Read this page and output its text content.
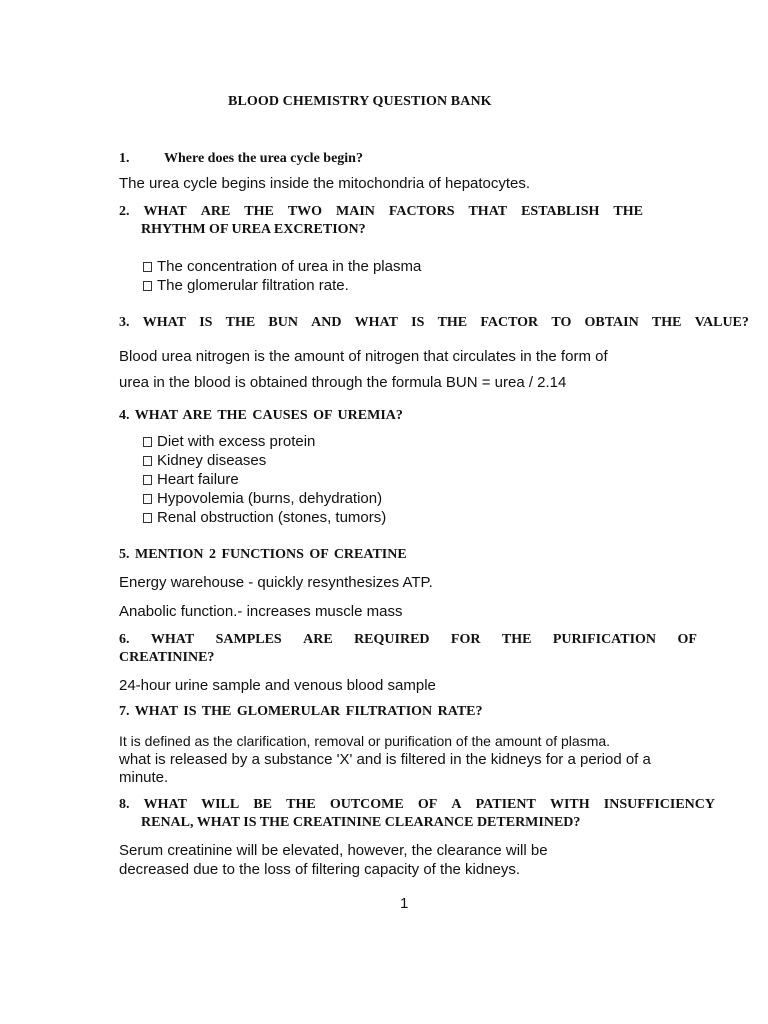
BLOOD CHEMISTRY QUESTION BANK
1. Where does the urea cycle begin?
The urea cycle begins inside the mitochondria of hepatocytes.
2. WHAT ARE THE TWO MAIN FACTORS THAT ESTABLISH THE
RHYTHM OF UREA EXCRETION?
The concentration of urea in the plasma
The glomerular filtration rate.
3. WHAT IS THE BUN AND WHAT IS THE FACTOR TO OBTAIN THE VALUE?
Blood urea nitrogen is the amount of nitrogen that circulates in the form of
urea in the blood is obtained through the formula BUN = urea / 2.14
4. WHAT ARE THE CAUSES OF UREMIA?
Diet with excess protein
Kidney diseases
Heart failure
Hypovolemia (burns, dehydration)
Renal obstruction (stones, tumors)
5. MENTION 2 FUNCTIONS OF CREATINE
Energy warehouse - quickly resynthesizes ATP.
Anabolic function.- increases muscle mass
6. WHAT SAMPLES ARE REQUIRED FOR THE PURIFICATION OF
CREATININE?
24-hour urine sample and venous blood sample
7. WHAT IS THE GLOMERULAR FILTRATION RATE?
It is defined as the clarification, removal or purification of the amount of plasma.
what is released by a substance 'X' and is filtered in the kidneys for a period of a
minute.
8. WHAT WILL BE THE OUTCOME OF A PATIENT WITH INSUFFICIENCY
RENAL, WHAT IS THE CREATININE CLEARANCE DETERMINED?
Serum creatinine will be elevated, however, the clearance will be
decreased due to the loss of filtering capacity of the kidneys.
1
